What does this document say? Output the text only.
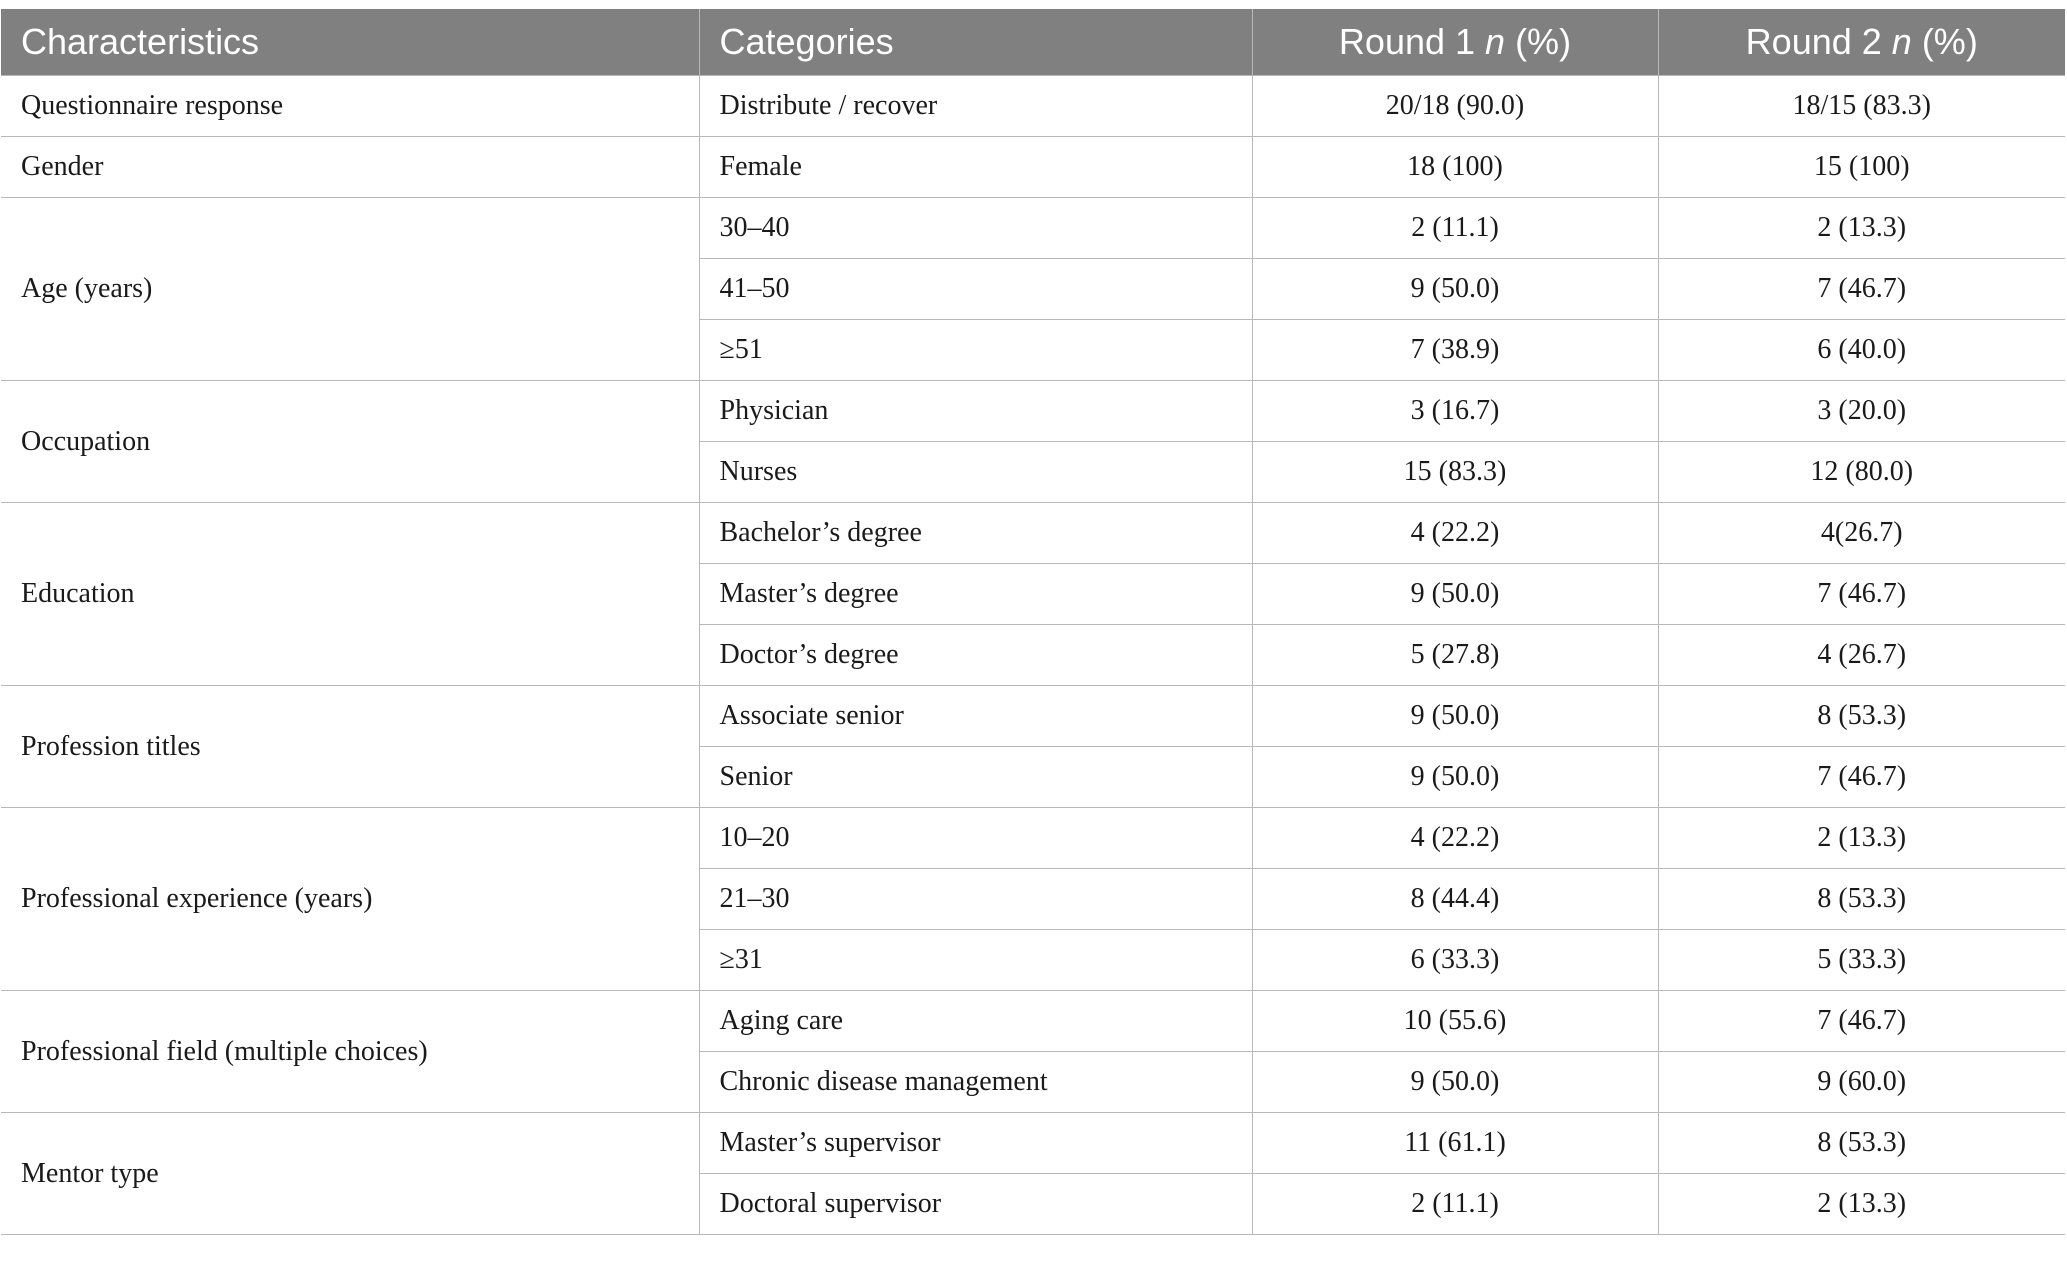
Characteristics	Categories	Round 1 n (%)	Round 2 n (%)
Questionnaire response	Distribute / recover	20/18 (90.0)	18/15 (83.3)
Gender	Female	18 (100)	15 (100)
Age (years)	30–40	2 (11.1)	2 (13.3)
	41–50	9 (50.0)	7 (46.7)
	≥51	7 (38.9)	6 (40.0)
Occupation	Physician	3 (16.7)	3 (20.0)
	Nurses	15 (83.3)	12 (80.0)
Education	Bachelor’s degree	4 (22.2)	4(26.7)
	Master’s degree	9 (50.0)	7 (46.7)
	Doctor’s degree	5 (27.8)	4 (26.7)
Profession titles	Associate senior	9 (50.0)	8 (53.3)
	Senior	9 (50.0)	7 (46.7)
Professional experience (years)	10–20	4 (22.2)	2 (13.3)
	21–30	8 (44.4)	8 (53.3)
	≥31	6 (33.3)	5 (33.3)
Professional field (multiple choices)	Aging care	10 (55.6)	7 (46.7)
	Chronic disease management	9 (50.0)	9 (60.0)
Mentor type	Master’s supervisor	11 (61.1)	8 (53.3)
	Doctoral supervisor	2 (11.1)	2 (13.3)
